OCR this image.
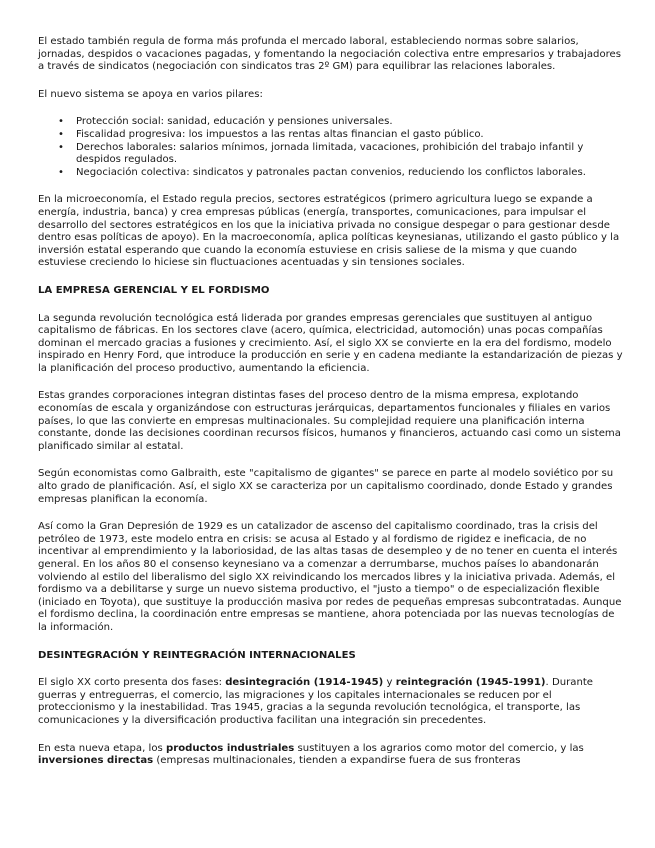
El estado también regula de forma más profunda el mercado laboral, estableciendo normas sobre salarios, jornadas, despidos o vacaciones pagadas, y fomentando la negociación colectiva entre empresarios y trabajadores a través de sindicatos (negociación con sindicatos tras 2º GM) para equilibrar las relaciones laborales.

El nuevo sistema se apoya en varios pilares:

• Protección social: sanidad, educación y pensiones universales.
• Fiscalidad progresiva: los impuestos a las rentas altas financian el gasto público.
• Derechos laborales: salarios mínimos, jornada limitada, vacaciones, prohibición del trabajo infantil y despidos regulados.
• Negociación colectiva: sindicatos y patronales pactan convenios, reduciendo los conflictos laborales.

En la microeconomía, el Estado regula precios, sectores estratégicos (primero agricultura luego se expande a energía, industria, banca) y crea empresas públicas (energía, transportes, comunicaciones, para impulsar el desarrollo del sectores estratégicos en los que la iniciativa privada no consigue despegar o para gestionar desde dentro esas políticas de apoyo). En la macroeconomía, aplica políticas keynesianas, utilizando el gasto público y la inversión estatal esperando que cuando la economía estuviese en crisis saliese de la misma y que cuando estuviese creciendo lo hiciese sin fluctuaciones acentuadas y sin tensiones sociales.

LA EMPRESA GERENCIAL Y EL FORDISMO

La segunda revolución tecnológica está liderada por grandes empresas gerenciales que sustituyen al antiguo capitalismo de fábricas. En los sectores clave (acero, química, electricidad, automoción) unas pocas compañías dominan el mercado gracias a fusiones y crecimiento. Así, el siglo XX se convierte en la era del fordismo, modelo inspirado en Henry Ford, que introduce la producción en serie y en cadena mediante la estandarización de piezas y la planificación del proceso productivo, aumentando la eficiencia.

Estas grandes corporaciones integran distintas fases del proceso dentro de la misma empresa, explotando economías de escala y organizándose con estructuras jerárquicas, departamentos funcionales y filiales en varios países, lo que las convierte en empresas multinacionales. Su complejidad requiere una planificación interna constante, donde las decisiones coordinan recursos físicos, humanos y financieros, actuando casi como un sistema planificado similar al estatal.

Según economistas como Galbraith, este "capitalismo de gigantes" se parece en parte al modelo soviético por su alto grado de planificación. Así, el siglo XX se caracteriza por un capitalismo coordinado, donde Estado y grandes empresas planifican la economía.

Así como la Gran Depresión de 1929 es un catalizador de ascenso del capitalismo coordinado, tras la crisis del petróleo de 1973, este modelo entra en crisis: se acusa al Estado y al fordismo de rigidez e ineficacia, de no incentivar al emprendimiento y la laboriosidad, de las altas tasas de desempleo y de no tener en cuenta el interés general. En los años 80 el consenso keynesiano va a comenzar a derrumbarse, muchos países lo abandonarán volviendo al estilo del liberalismo del siglo XX reivindicando los mercados libres y la iniciativa privada. Además, el fordismo va a debilitarse y surge un nuevo sistema productivo, el "justo a tiempo" o de especialización flexible (iniciado en Toyota), que sustituye la producción masiva por redes de pequeñas empresas subcontratadas. Aunque el fordismo declina, la coordinación entre empresas se mantiene, ahora potenciada por las nuevas tecnologías de la información.

DESINTEGRACIÓN Y REINTEGRACIÓN INTERNACIONALES

El siglo XX corto presenta dos fases: desintegración (1914-1945) y reintegración (1945-1991). Durante guerras y entreguerras, el comercio, las migraciones y los capitales internacionales se reducen por el proteccionismo y la inestabilidad. Tras 1945, gracias a la segunda revolución tecnológica, el transporte, las comunicaciones y la diversificación productiva facilitan una integración sin precedentes.

En esta nueva etapa, los productos industriales sustituyen a los agrarios como motor del comercio, y las inversiones directas (empresas multinacionales, tienden a expandirse fuera de sus fronteras
